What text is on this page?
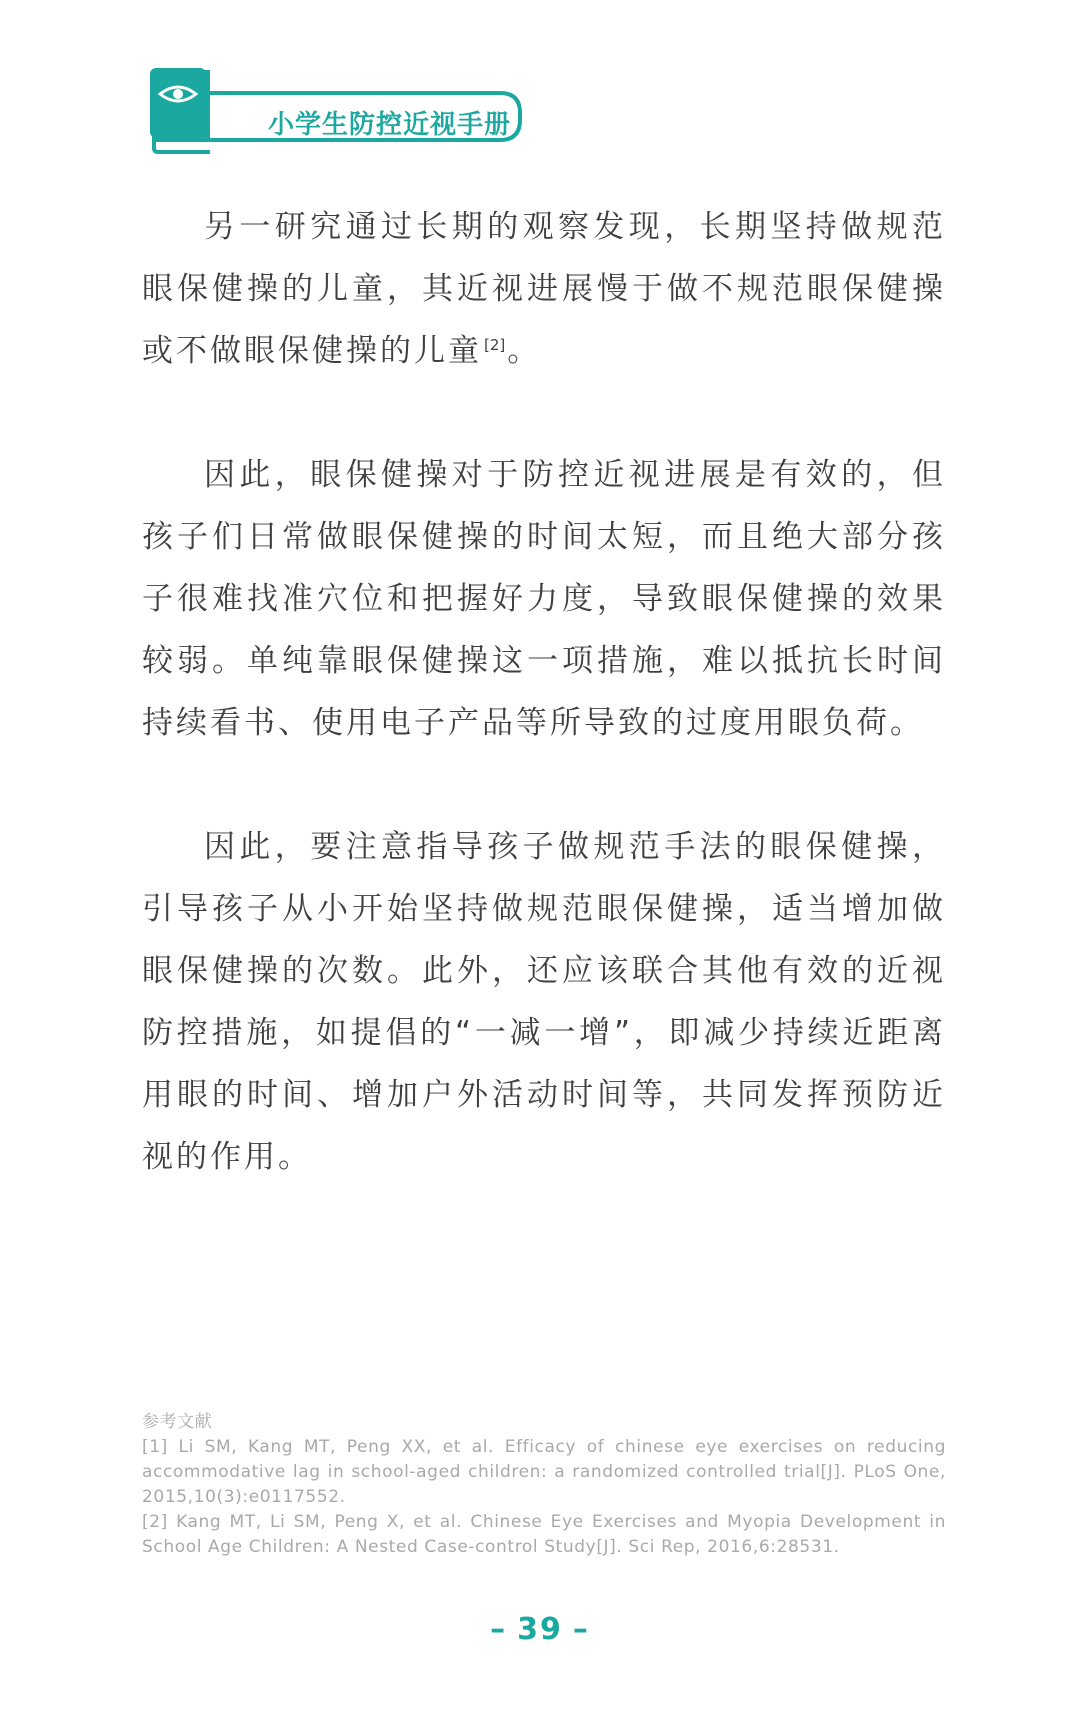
小学生防控近视手册

另一研究通过长期的观察发现，长期坚持做规范眼保健操的儿童，其近视进展慢于做不规范眼保健操或不做眼保健操的儿童 [2]。

因此，眼保健操对于防控近视进展是有效的，但孩子们日常做眼保健操的时间太短，而且绝大部分孩子很难找准穴位和把握好力度，导致眼保健操的效果较弱。单纯靠眼保健操这一项措施，难以抵抗长时间持续看书、使用电子产品等所导致的过度用眼负荷。

因此，要注意指导孩子做规范手法的眼保健操，引导孩子从小开始坚持做规范眼保健操，适当增加做眼保健操的次数。此外，还应该联合其他有效的近视防控措施，如提倡的“一减一增”，即减少持续近距离用眼的时间、增加户外活动时间等，共同发挥预防近视的作用。

参考文献

[1] Li SM, Kang MT, Peng XX, et al. Efficacy of chinese eye exercises on reducing accommodative lag in school-aged children: a randomized controlled trial[J]. PLoS One, 2015,10(3):e0117552.

[2] Kang MT, Li SM, Peng X, et al. Chinese Eye Exercises and Myopia Development in School Age Children: A Nested Case-control Study[J]. Sci Rep, 2016,6:28531.

– 39 –
